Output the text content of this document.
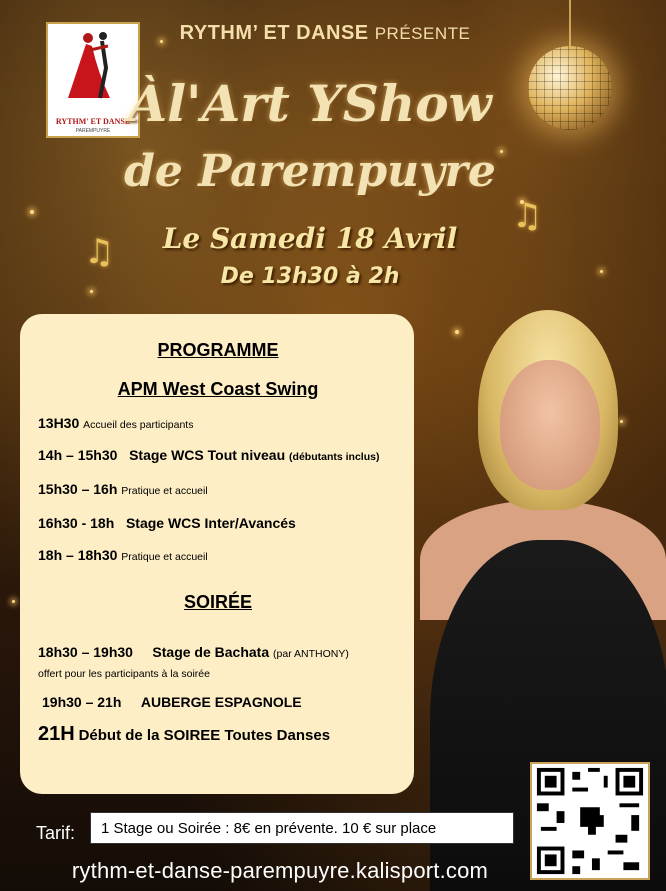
RYTHM' ET DANSE
PAREMPUYRE
RYTHM’ ET DANSE PRÉSENTE
Àl'Art YShow
de Parempuyre
♫
♫
Le Samedi 18 Avril
De 13h30 à 2h
PROGRAMME
APM West Coast Swing
13H30 Accueil des participants
14h – 15h30 Stage WCS Tout niveau (débutants inclus)
15h30 – 16h Pratique et accueil
16h30 - 18h Stage WCS Inter/Avancés
18h – 18h30 Pratique et accueil
SOIRÉE
18h30 – 19h30 Stage de Bachata (par ANTHONY)
offert pour les participants à la soirée
19h30 – 21h AUBERGE ESPAGNOLE
21H Début de la SOIREE Toutes Danses
Tarif:	1 Stage ou Soirée : 8€ en prévente. 10 € sur place
rythm-et-danse-parempuyre.kalisport.com
